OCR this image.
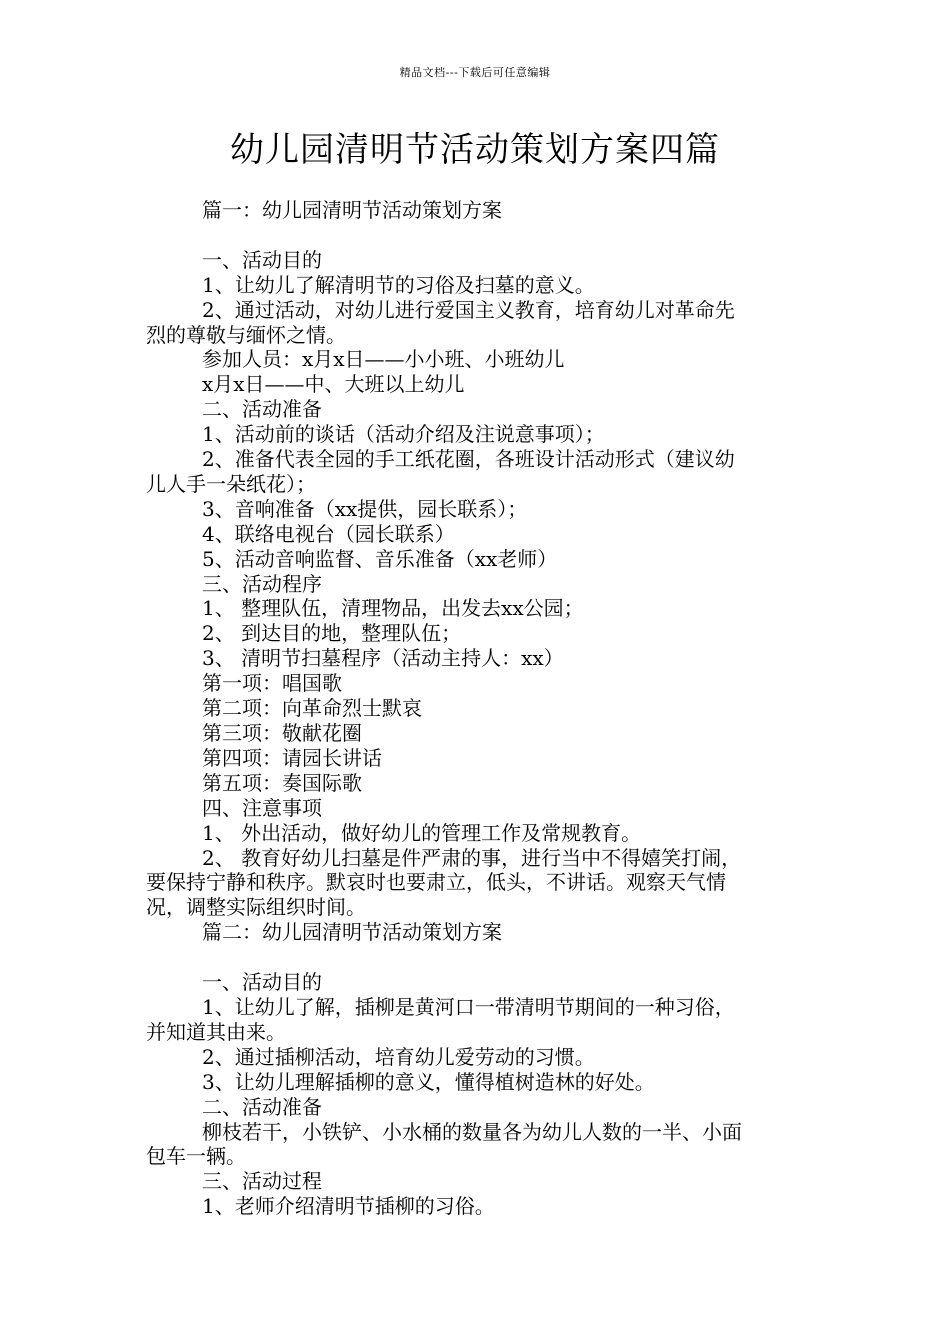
精品文档---下载后可任意编辑
幼儿园清明节活动策划方案四篇
篇一：幼儿园清明节活动策划方案
一、活动目的
1、让幼儿了解清明节的习俗及扫墓的意义。
2、通过活动，对幼儿进行爱国主义教育，培育幼儿对革命先
烈的尊敬与缅怀之情。
参加人员：x月x日——小小班、小班幼儿
x月x日——中、大班以上幼儿
二、活动准备
1、活动前的谈话（活动介绍及注说意事项）；
2、准备代表全园的手工纸花圈，各班设计活动形式（建议幼
儿人手一朵纸花）；
3、音响准备（xx提供，园长联系）；
4、联络电视台（园长联系）
5、活动音响监督、音乐准备（xx老师）
三、活动程序
1、 整理队伍，清理物品，出发去xx公园；
2、 到达目的地，整理队伍；
3、 清明节扫墓程序（活动主持人：xx）
第一项：唱国歌
第二项：向革命烈士默哀
第三项：敬献花圈
第四项：请园长讲话
第五项：奏国际歌
四、注意事项
1、 外出活动，做好幼儿的管理工作及常规教育。
2、 教育好幼儿扫墓是件严肃的事，进行当中不得嬉笑打闹，
要保持宁静和秩序。默哀时也要肃立，低头，不讲话。观察天气情
况，调整实际组织时间。
篇二：幼儿园清明节活动策划方案
一、活动目的
1、让幼儿了解，插柳是黄河口一带清明节期间的一种习俗，
并知道其由来。
2、通过插柳活动，培育幼儿爱劳动的习惯。
3、让幼儿理解插柳的意义，懂得植树造林的好处。
二、活动准备
柳枝若干，小铁铲、小水桶的数量各为幼儿人数的一半、小面
包车一辆。
三、活动过程
1、老师介绍清明节插柳的习俗。
